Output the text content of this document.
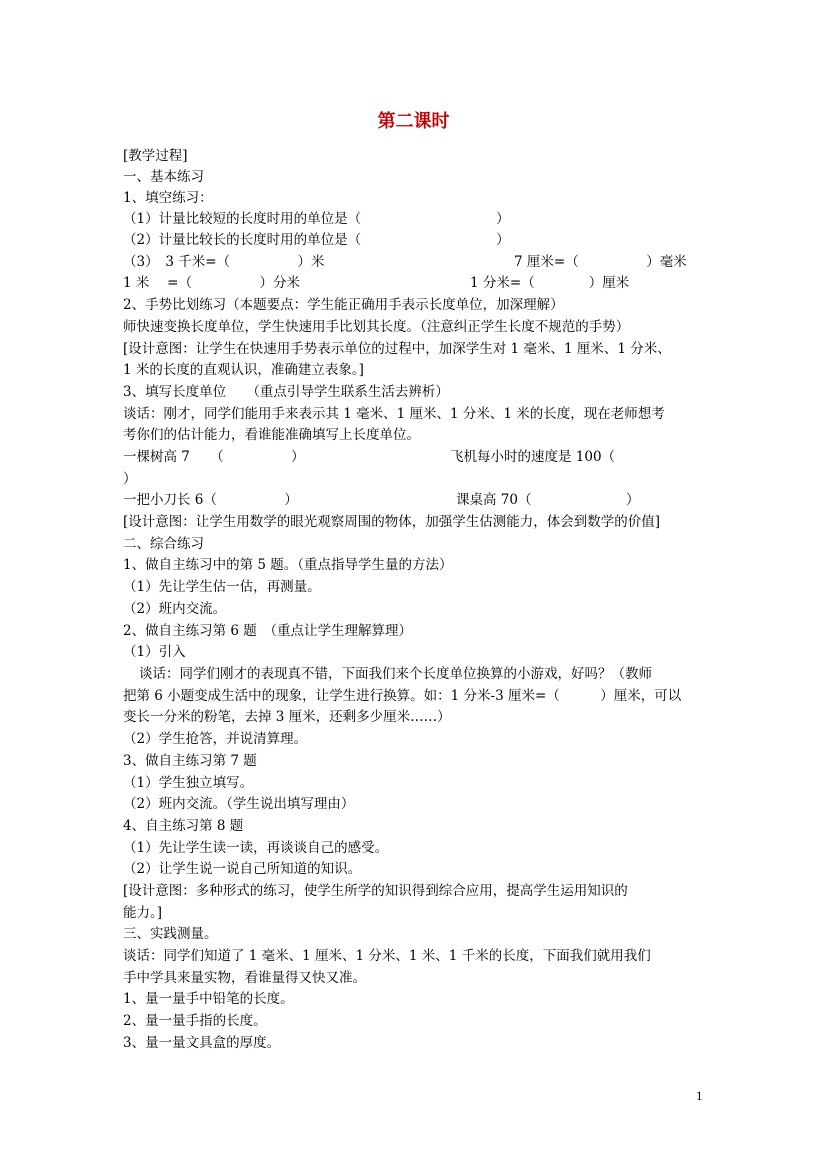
第二课时
[教学过程]
一、基本练习
1、填空练习：
（1）计量比较短的长度时用的单位是（　　　　　　　　　　）
（2）计量比较长的长度时用的单位是（　　　　　　　　　　）
（3）　3 千米=（　　　　　）米	7 厘米=（　　　　　）毫米
1 米　 =（　　　　　）分米	1 分米=（　　　　）厘米
2、手势比划练习（本题要点：学生能正确用手表示长度单位，加深理解）
师快速变换长度单位，学生快速用手比划其长度。（注意纠正学生长度不规范的手势）
[设计意图：让学生在快速用手势表示单位的过程中，加深学生对 1 毫米、1 厘米、1 分米、
1 米的长度的直观认识，准确建立表象。]
3、填写长度单位　　（重点引导学生联系生活去辨析）
谈话：刚才，同学们能用手来表示其 1 毫米、1 厘米、1 分米、1 米的长度，现在老师想考
考你们的估计能力，看谁能准确填写上长度单位。
一棵树高 7　　（　　　　　）	飞机每小时的速度是 100（
）
一把小刀长 6（　　　　　）	课桌高 70（　　　　　　　）
[设计意图：让学生用数学的眼光观察周围的物体，加强学生估测能力，体会到数学的价值]
二、综合练习
1、做自主练习中的第 5 题。（重点指导学生量的方法）
（1）先让学生估一估，再测量。
（2）班内交流。
2、做自主练习第 6 题　（重点让学生理解算理）
（1）引入
谈话：同学们刚才的表现真不错，下面我们来个长度单位换算的小游戏，好吗？（教师
把第 6 小题变成生活中的现象，让学生进行换算。如：1 分米-3 厘米=（　　　）厘米，可以
变长一分米的粉笔，去掉 3 厘米，还剩多少厘米……）
（2）学生抢答，并说清算理。
3、做自主练习第 7 题
（1）学生独立填写。
（2）班内交流。（学生说出填写理由）
4、自主练习第 8 题
（1）先让学生读一读，再谈谈自己的感受。
（2）让学生说一说自己所知道的知识。
[设计意图：多种形式的练习，使学生所学的知识得到综合应用，提高学生运用知识的
能力。]
三、实践测量。
谈话：同学们知道了 1 毫米、1 厘米、1 分米、1 米、1 千米的长度，下面我们就用我们
手中学具来量实物，看谁量得又快又准。
1、量一量手中铅笔的长度。
2、量一量手指的长度。
3、量一量文具盒的厚度。
1
